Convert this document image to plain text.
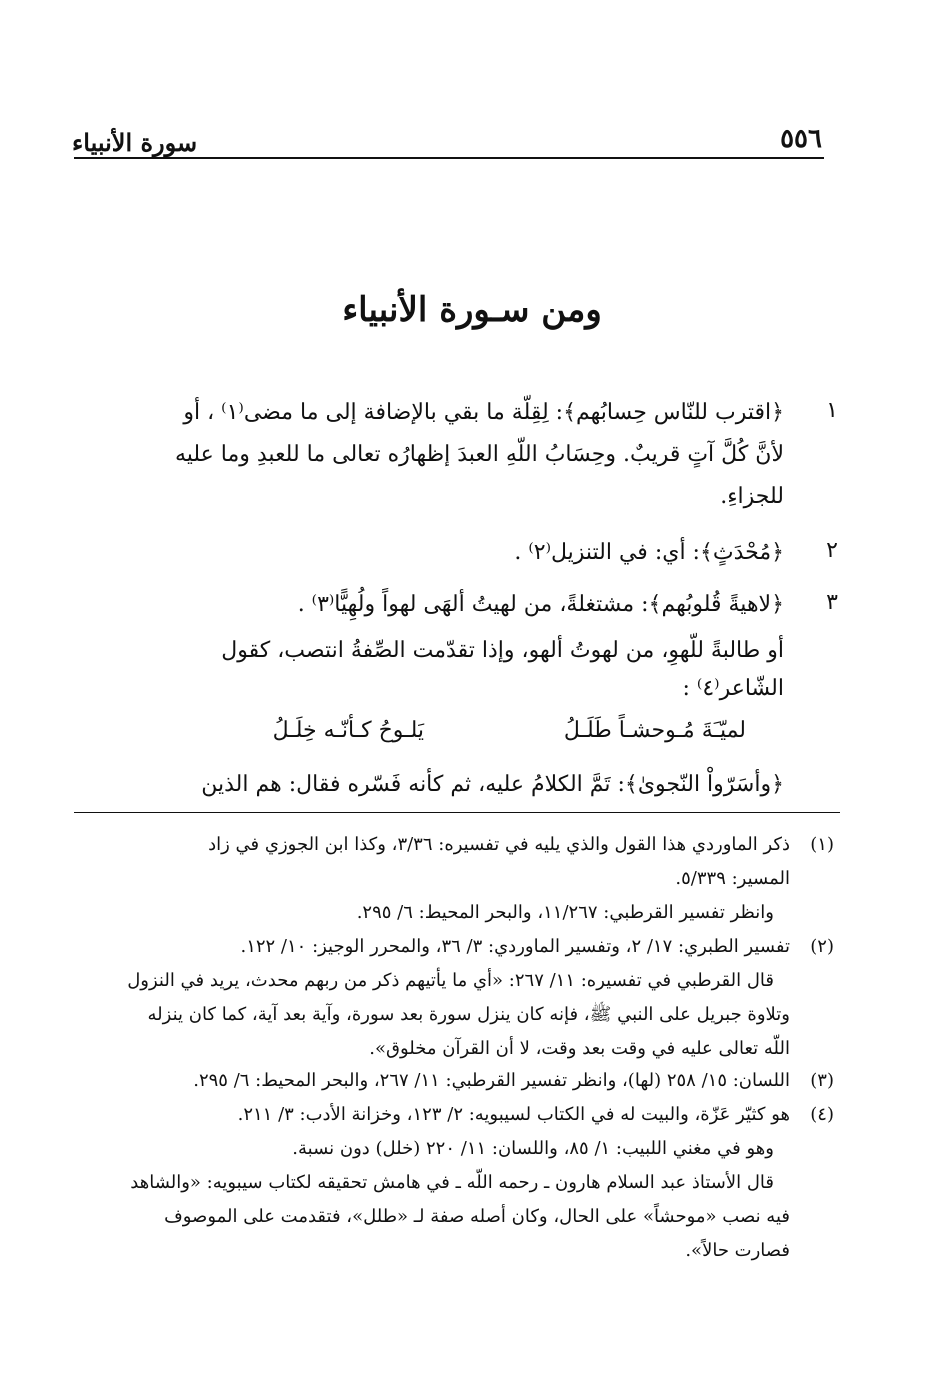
سورة الأنبياء	٥٥٦
ومن سـورة الأنبياء
١
﴿اقترب للنّاس حِسابُهم﴾: لِقِلّة ما بقي بالإضافة إلى ما مضى⁽١⁾ ، أو
لأنَّ كُلَّ آتٍ قريبٌ. وحِسَابُ اللّهِ العبدَ إظهارُه تعالى ما للعبدِ وما عليه
للجزاءِ.
٢
﴿مُحْدَثٍ﴾: أي: في التنزيل⁽٢⁾ .
٣
﴿لاهيةً قُلوبُهم﴾: مشتغلةً، من لهيتُ ألهَى لهواً ولُهِيًّا⁽٣⁾ .
أو طالبةً للّهوِ، من لهوتُ ألهو، وإذا تقدّمت الصِّفةُ انتصب، كقول
الشّاعر⁽٤⁾ :
لميّـَةَ مُـوحشـاً طَلَـلُ
يَلـوحُ كـأنّـه خِلَـلُ
﴿وأسَرّواْ النّجوىٰ﴾: تَمَّ الكلامُ عليه، ثم كأنه فَسّره فقال: هم الذين
(١)
ذكر الماوردي هذا القول والذي يليه في تفسيره: ٣/٣٦، وكذا ابن الجوزي في زاد
المسير: ٥/٣٣٩.
وانظر تفسير القرطبي: ١١/٢٦٧، والبحر المحيط: ٦/ ٢٩٥.
(٢)
تفسير الطبري: ١٧/ ٢، وتفسير الماوردي: ٣/ ٣٦، والمحرر الوجيز: ١٠/ ١٢٢.
قال القرطبي في تفسيره: ١١/ ٢٦٧: «أي ما يأتيهم ذكر من ربهم محدث، يريد في النزول
وتلاوة جبريل على النبي ﷺ، فإنه كان ينزل سورة بعد سورة، وآية بعد آية، كما كان ينزله
اللّه تعالى عليه في وقت بعد وقت، لا أن القرآن مخلوق».
(٣)
اللسان: ١٥/ ٢٥٨ (لها)، وانظر تفسير القرطبي: ١١/ ٢٦٧، والبحر المحيط: ٦/ ٢٩٥.
(٤)
هو كثيّر عَزّة، والبيت له في الكتاب لسيبويه: ٢/ ١٢٣، وخزانة الأدب: ٣/ ٢١١.
وهو في مغني اللبيب: ١/ ٨٥، واللسان: ١١/ ٢٢٠ (خلل) دون نسبة.
قال الأستاذ عبد السلام هارون ـ رحمه اللّه ـ في هامش تحقيقه لكتاب سيبويه: «والشاهد
فيه نصب «موحشاً» على الحال، وكان أصله صفة لـ «طلل»، فتقدمت على الموصوف
فصارت حالاً».
